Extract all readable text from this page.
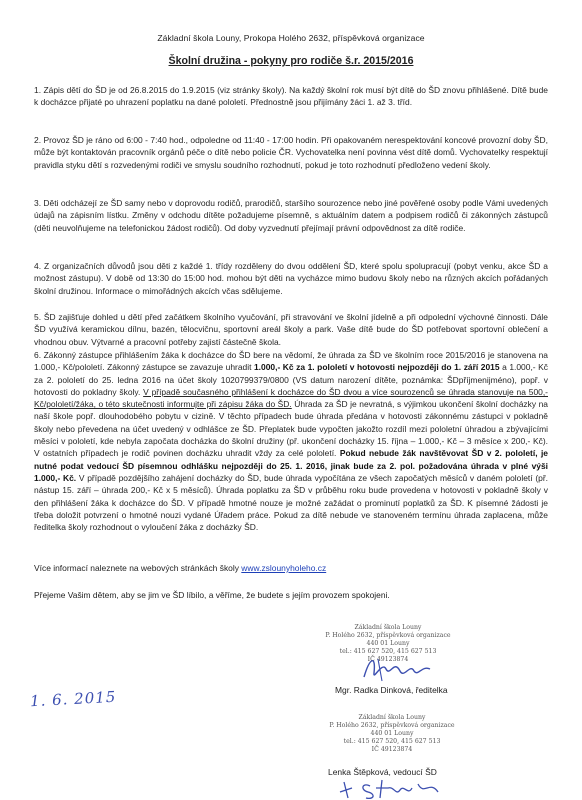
Základní škola Louny, Prokopa Holého 2632, příspěvková organizace
Školní družina - pokyny pro rodiče š.r. 2015/2016

1. Zápis dětí do ŠD je od 26.8.2015 do 1.9.2015 (viz stránky školy). Na každý školní rok musí být dítě do ŠD znovu přihlášené. Dítě bude k docházce přijaté po uhrazení poplatku na dané pololetí. Přednostně jsou přijímány žáci 1. až 3. tříd.

2. Provoz ŠD je ráno od 6:00 - 7:40 hod., odpoledne od 11:40 - 17:00 hodin. Při opakovaném nerespektování koncové provozní doby ŠD, může být kontaktován pracovník orgánů péče o dítě nebo policie ČR. Vychovatelka není povinna vést dítě domů. Vychovatelky respektují pravidla styku dětí s rozvedenými rodiči ve smyslu soudního rozhodnutí, pokud je toto rozhodnutí předloženo vedení školy.

3. Děti odcházejí ze ŠD samy nebo v doprovodu rodičů, prarodičů, staršího sourozence nebo jiné pověřené osoby podle Vámi uvedených údajů na zápisním lístku. Změny v odchodu dítěte požadujeme písemně, s aktuálním datem a podpisem rodičů či zákonných zástupců (děti neuvolňujeme na telefonickou žádost rodičů). Od doby vyzvednutí přejímají právní odpovědnost za dítě rodiče.

4. Z organizačních důvodů jsou děti z každé 1. třídy rozděleny do dvou oddělení ŠD, které spolu spolupracují (pobyt venku, akce ŠD a možnost zástupu). V době od 13:30 do 15:00 hod. mohou být děti na vycházce mimo budovu školy nebo na různých akcích pořádaných školní družinou. Informace o mimořádných akcích včas sdělujeme.

5. ŠD zajišťuje dohled u dětí před začátkem školního vyučování, při stravování ve školní jídelně a při odpolední výchovné činnosti. Dále ŠD využívá keramickou dílnu, bazén, tělocvičnu, sportovní areál školy a park. Vaše dítě bude do ŠD potřebovat sportovní oblečení a vhodnou obuv. Výtvarné a pracovní potřeby zajistí částečně škola.

6. Zákonný zástupce přihlášením žáka k docházce do ŠD bere na vědomí, že úhrada za ŠD ve školním roce 2015/2016 je stanovena na 1.000,- Kč/pololetí. Zákonný zástupce se zavazuje uhradit 1.000,- Kč za 1. pololetí v hotovosti nejpozději do 1. září 2015 a 1.000,- Kč za 2. pololetí do 25. ledna 2016 na účet školy 1020799379/0800 (VS datum narození dítěte, poznámka: ŠDpříjmenijméno), popř. v hotovosti do pokladny školy. V případě současného přihlášení k docházce do ŠD dvou a více sourozenců se úhrada stanovuje na 500,- Kč/pololetí/žáka, o této skutečnosti informujte při zápisu žáka do ŠD. Úhrada za ŠD je nevratná, s výjimkou ukončení školní docházky na naší škole popř. dlouhodobého pobytu v cizině. V těchto případech bude úhrada předána v hotovosti zákonnému zástupci v pokladně školy nebo převedena na účet uvedený v odhlášce ze ŠD. Přeplatek bude vypočten jakožto rozdíl mezi pololetní úhradou a zbývajícími měsíci v pololetí, kde nebyla započata docházka do školní družiny (př. ukončení docházky 15. října – 1.000,- Kč – 3 měsíce x 200,- Kč). V ostatních případech je rodič povinen docházku uhradit vždy za celé pololetí. Pokud nebude žák navštěvovat ŠD v 2. pololetí, je nutné podat vedoucí ŠD písemnou odhlášku nejpozději do 25. 1. 2016, jinak bude za 2. pol. požadována úhrada v plné výši 1.000,- Kč. V případě pozdějšího zahájení docházky do ŠD, bude úhrada vypočítána ze všech započatých měsíců v daném pololetí (př. nástup 15. září – úhrada 200,- Kč x 5 měsíců). Úhrada poplatku za ŠD v průběhu roku bude provedena v hotovosti v pokladně školy v den přihlášení žáka k docházce do ŠD. V případě hmotné nouze je možné zažádat o prominutí poplatků za ŠD. K písemné žádosti je třeba doložit potvrzení o hmotné nouzi vydané Úřadem práce. Pokud za dítě nebude ve stanoveném termínu úhrada zaplacena, může ředitelka školy rozhodnout o vyloučení žáka z docházky ŠD.

Více informací naleznete na webových stránkách školy www.zslounyholeho.cz
Přejeme Vašim dětem, aby se jim ve ŠD líbilo, a věříme, že budete s jejím provozem spokojeni.
1. 6. 2015
Základní škola Louny
P. Holého 2632, příspěvková organizace
440 01 Louny
tel.: 415 627 520, 415 627 513
IČ 49123874
Mgr. Radka Dinková, ředitelka
Základní škola Louny
P. Holého 2632, příspěvková organizace
440 01 Louny
tel.: 415 627 520, 415 627 513
IČ 49123874
Lenka Štěpková, vedoucí ŠD
